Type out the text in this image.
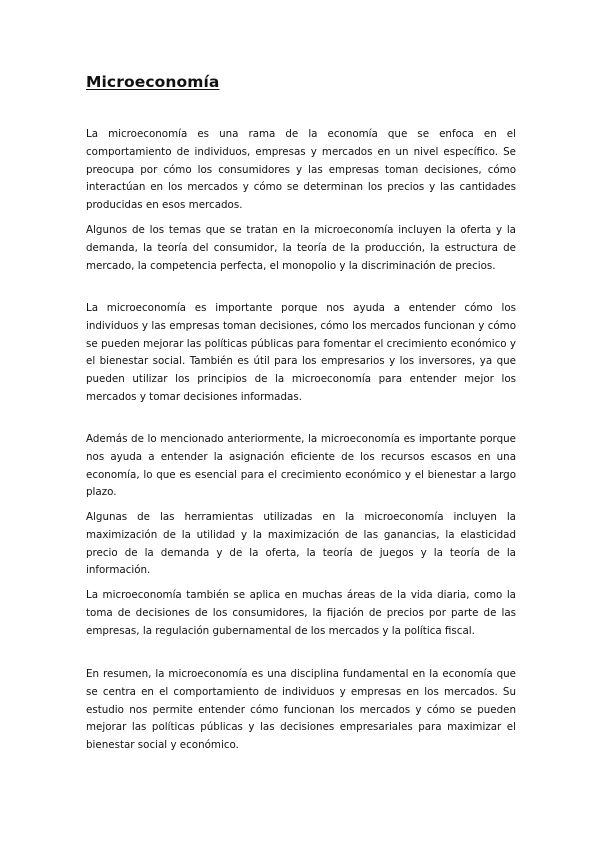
Microeconomía

La microeconomía es una rama de la economía que se enfoca en el comportamiento de individuos, empresas y mercados en un nivel específico. Se preocupa por cómo los consumidores y las empresas toman decisiones, cómo interactúan en los mercados y cómo se determinan los precios y las cantidades producidas en esos mercados.

Algunos de los temas que se tratan en la microeconomía incluyen la oferta y la demanda, la teoría del consumidor, la teoría de la producción, la estructura de mercado, la competencia perfecta, el monopolio y la discriminación de precios.

La microeconomía es importante porque nos ayuda a entender cómo los individuos y las empresas toman decisiones, cómo los mercados funcionan y cómo se pueden mejorar las políticas públicas para fomentar el crecimiento económico y el bienestar social. También es útil para los empresarios y los inversores, ya que pueden utilizar los principios de la microeconomía para entender mejor los mercados y tomar decisiones informadas.

Además de lo mencionado anteriormente, la microeconomía es importante porque nos ayuda a entender la asignación eficiente de los recursos escasos en una economía, lo que es esencial para el crecimiento económico y el bienestar a largo plazo.

Algunas de las herramientas utilizadas en la microeconomía incluyen la maximización de la utilidad y la maximización de las ganancias, la elasticidad precio de la demanda y de la oferta, la teoría de juegos y la teoría de la información.

La microeconomía también se aplica en muchas áreas de la vida diaria, como la toma de decisiones de los consumidores, la fijación de precios por parte de las empresas, la regulación gubernamental de los mercados y la política fiscal.

En resumen, la microeconomía es una disciplina fundamental en la economía que se centra en el comportamiento de individuos y empresas en los mercados. Su estudio nos permite entender cómo funcionan los mercados y cómo se pueden mejorar las políticas públicas y las decisiones empresariales para maximizar el bienestar social y económico.
